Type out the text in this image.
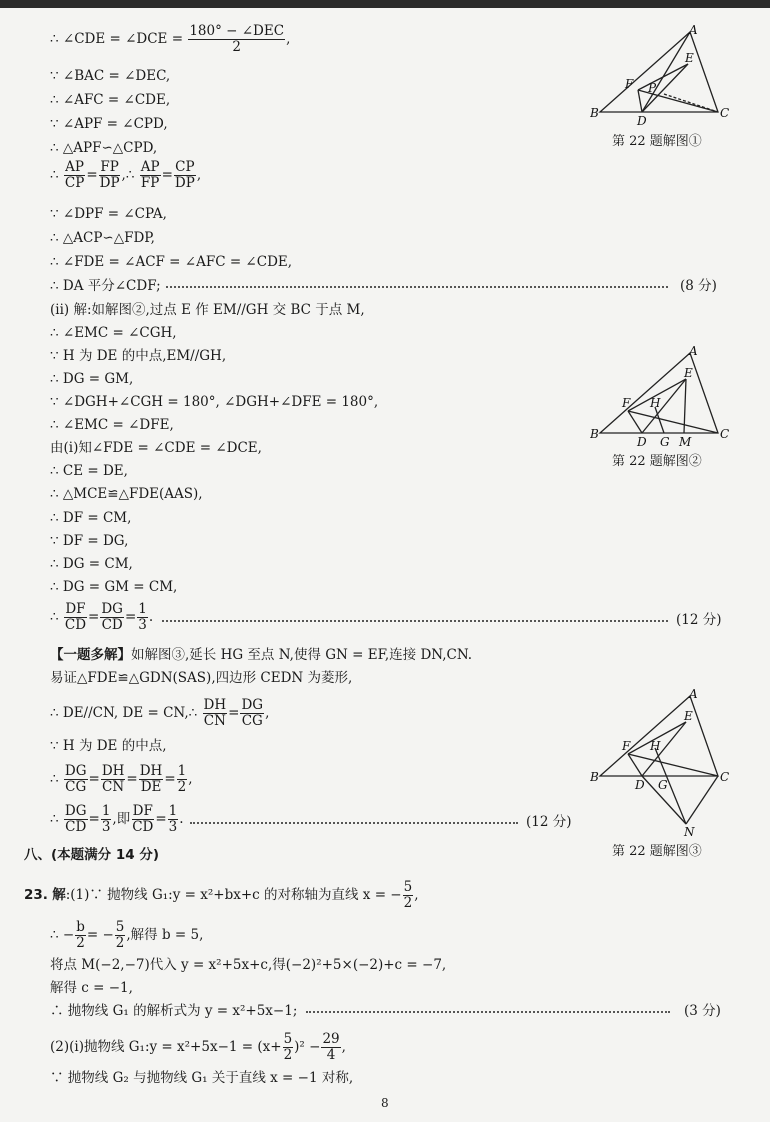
∴ ∠CDE = ∠DCE = 180° − ∠DEC
2	,
∵ ∠BAC = ∠DEC,
∴ ∠AFC = ∠CDE,
∵ ∠APF = ∠CPD,
∴ △APF∽△CPD,
∴ $\frac{AP}{CP} = \frac{FP}{DP}$ ,∴ $\frac{AP}{FP} = \frac{CP}{DP}$ ,
∵ ∠DPF = ∠CPA,
∴ △ACP∽△FDP,
∴ ∠FDE = ∠ACF = ∠AFC = ∠CDE,
∴ DA 平分∠CDF;	(8 分)
(ii) 解:如解图②,过点 E 作 EM//GH 交 BC 于点 M,
∴ ∠EMC = ∠CGH,
∵ H 为 DE 的中点,EM//GH,
∴ DG = GM,
∵ ∠DGH+∠CGH = 180°, ∠DGH+∠DFE = 180°,
∴ ∠EMC = ∠DFE,
由(i)知∠FDE = ∠CDE = ∠DCE,
∴ CE = DE,
∴ △MCE≌△FDE(AAS),
∴ DF = CM,
∵ DF = DG,
∴ DG = CM,
∴ DG = GM = CM,
∴ $\frac{DF}{CD} = \frac{DG}{CD} = \frac{1}{3}$ .	(12 分)
【一题多解】如解图③,延长 HG 至点 N,使得 GN = EF,连接 DN,CN.
易证△FDE≌△GDN(SAS),四边形 CEDN 为菱形,
∴ DE//CN, DE = CN,∴ $\frac{DH}{CN} = \frac{DG}{CG}$ ,
∵ H 为 DE 的中点,
∴ $\frac{DG}{CG} = \frac{DH}{CN} = \frac{DH}{DE} = \frac{1}{2}$ ,
∴ $\frac{DG}{CD} = \frac{1}{3}$ ,即 $\frac{DF}{CD} = \frac{1}{3}$ .	(12 分)
八、(本题满分 14 分)
23. 解:(1)∵ 抛物线 G₁:y = x²+bx+c 的对称轴为直线 x = − $\frac{5}{2}$ ,
∴ − $\frac{b}{2}$ = − $\frac{5}{2}$ ,解得 b = 5,
将点 M(−2,−7)代入 y = x²+5x+c,得(−2)²+5×(−2)+c = −7,
解得 c = −1,
∴ 抛物线 G₁ 的解析式为 y = x²+5x−1;	(3 分)
(2)(i)抛物线 G₁:y = $x^2+5x-1 = (x+ \frac{5}{2} )^2 - \frac{29}{4}$ ,
∵ 抛物线 G₂ 与抛物线 G₁ 关于直线 x = −1 对称,
8
A
E
F P
B
D
C
第 22 题解图①
A
E
F H
B
D G M
C
第 22 题解图②
A
E
F H
B
D G
C
N
第 22 题解图③
